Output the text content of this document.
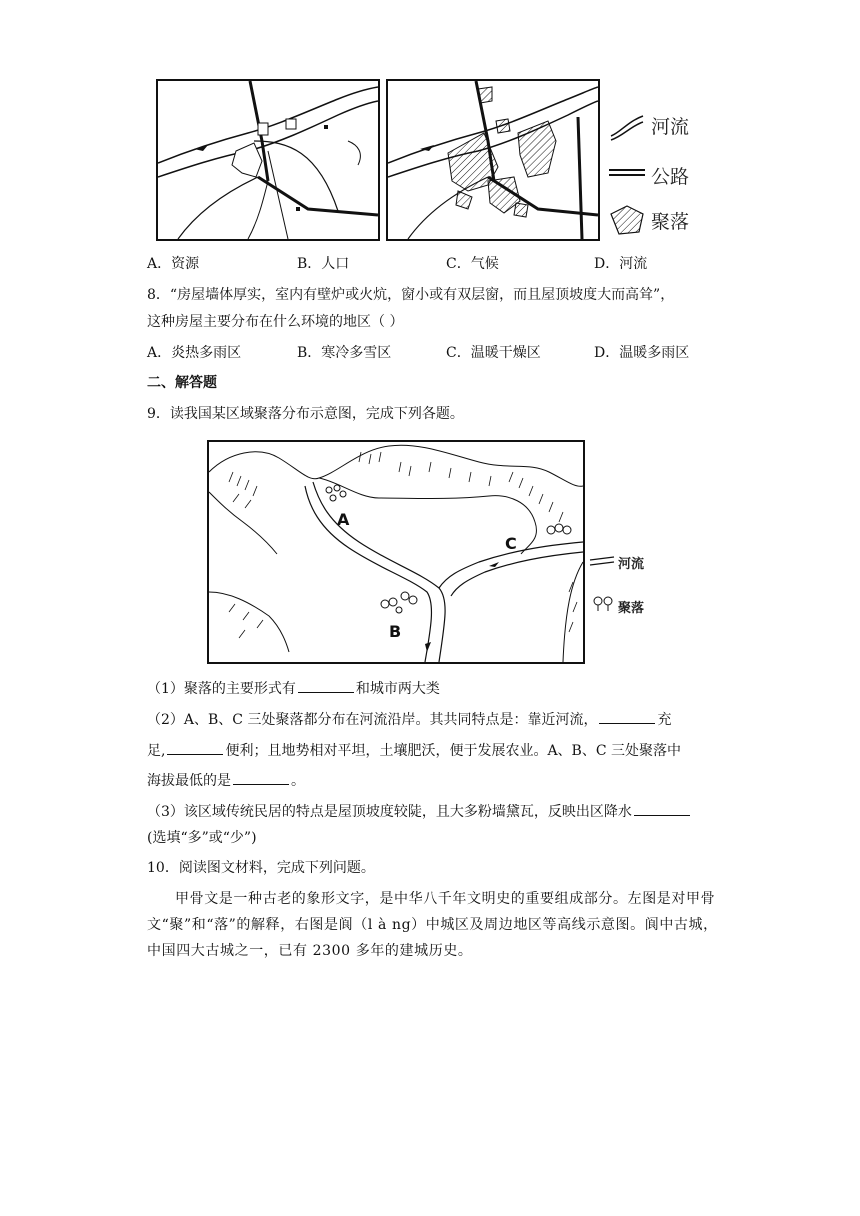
河流
公路
聚落
A．资源	B．人口	C．气候	D．河流
8．“房屋墙体厚实，室内有壁炉或火炕，窗小或有双层窗，而且屋顶坡度大而高耸”，
这种房屋主要分布在什么环境的地区（ ）
A．炎热多雨区	B．寒冷多雪区	C．温暖干燥区	D．温暖多雨区
二、解答题
9．读我国某区域聚落分布示意图，完成下列各题。
A
B
C
河流
聚落
（1）聚落的主要形式有	和城市两大类
（2）A、B、C 三处聚落都分布在河流沿岸。其共同特点是：靠近河流，	充
足,	便利；且地势相对平坦，土壤肥沃，便于发展农业。A、B、C 三处聚落中
海拔最低的是	。
（3）该区域传统民居的特点是屋顶坡度较陡，且大多粉墙黛瓦，反映出区降水
(选填“多”或“少”)
10．阅读图文材料，完成下列问题。
甲骨文是一种古老的象形文字，是中华八千年文明史的重要组成部分。左图是对甲骨文“聚”和“落”的解释，右图是阆（l à ng）中城区及周边地区等高线示意图。阆中古城，中国四大古城之一，已有 2300 多年的建城历史。
